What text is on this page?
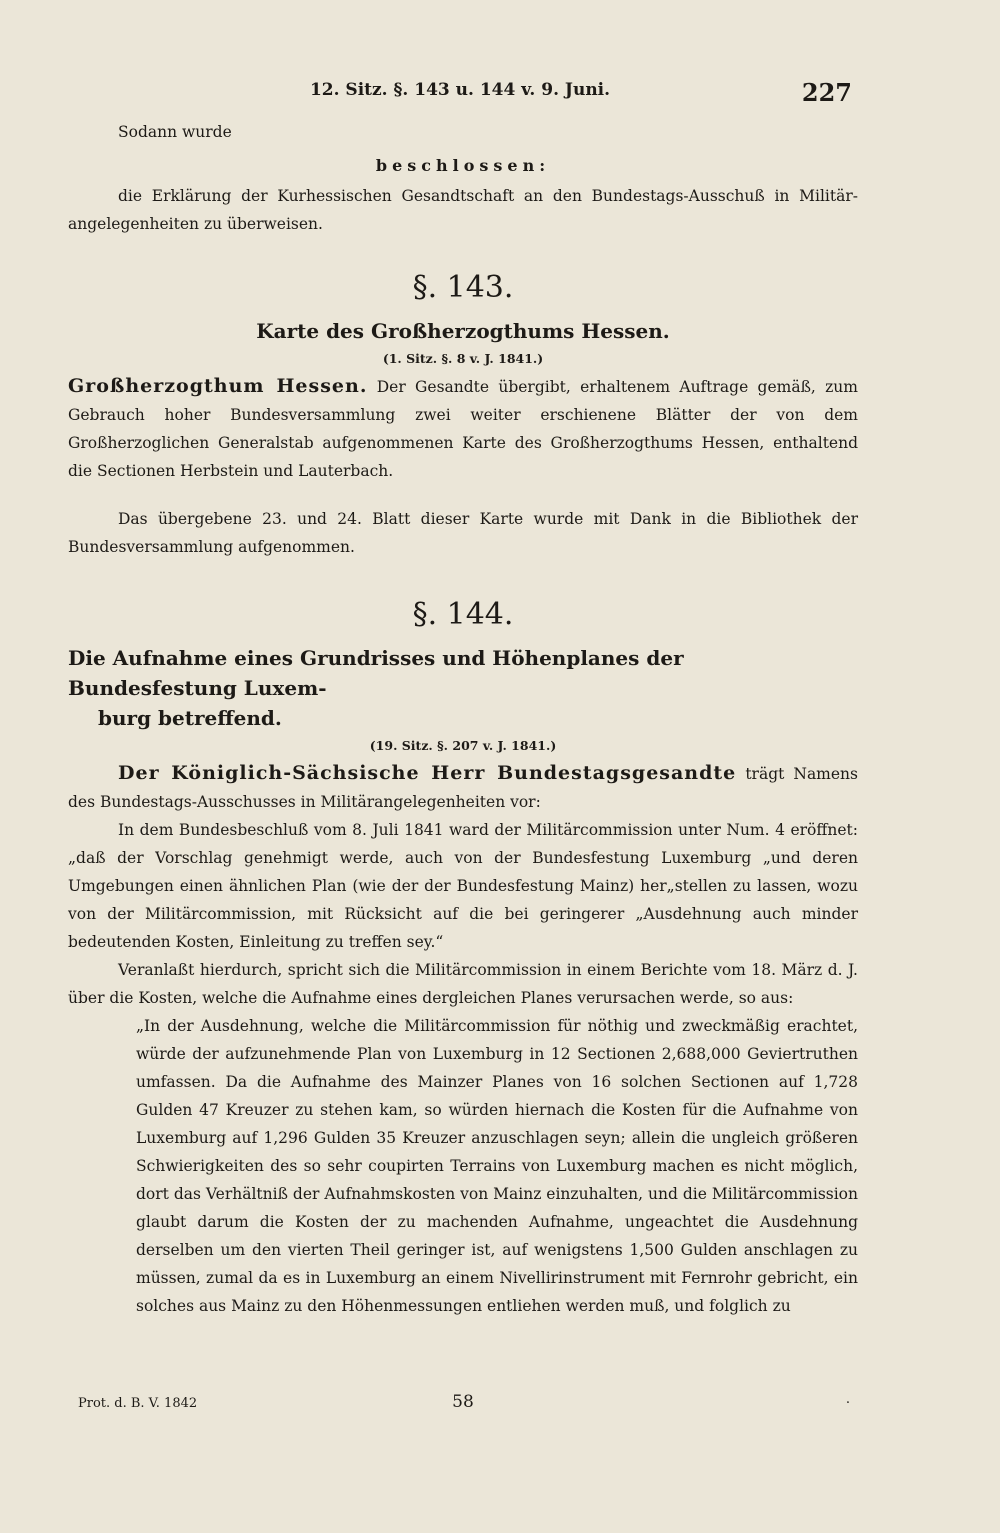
12. Sitz. §. 143 u. 144 v. 9. Juni.	227

Sodann wurde

beschlossen:

die Erklärung der Kurhessischen Gesandtschaft an den Bundestags-Ausschuß in Militär-angelegenheiten zu überweisen.

§. 143.
Karte des Großherzogthums Hessen.
(1. Sitz. §. 8 v. J. 1841.)

Großherzogthum Hessen. Der Gesandte übergibt, erhaltenem Auftrage gemäß, zum Gebrauch hoher Bundesversammlung zwei weiter erschienene Blätter der von dem Großherzoglichen Generalstab aufgenommenen Karte des Großherzogthums Hessen, enthaltend die Sectionen Herbstein und Lauterbach.

Das übergebene 23. und 24. Blatt dieser Karte wurde mit Dank in die Bibliothek der Bundesversammlung aufgenommen.

§. 144.
Die Aufnahme eines Grundrisses und Höhenplanes der Bundesfestung Luxem-
burg betreffend.
(19. Sitz. §. 207 v. J. 1841.)

Der Königlich-Sächsische Herr Bundestagsgesandte trägt Namens des Bundestags-Ausschusses in Militärangelegenheiten vor:

In dem Bundesbeschluß vom 8. Juli 1841 ward der Militärcommission unter Num. 4 eröffnet: „daß der Vorschlag genehmigt werde, auch von der Bundesfestung Luxemburg „und deren Umgebungen einen ähnlichen Plan (wie der der Bundesfestung Mainz) her„stellen zu lassen, wozu von der Militärcommission, mit Rücksicht auf die bei geringerer „Ausdehnung auch minder bedeutenden Kosten, Einleitung zu treffen sey.“

Veranlaßt hierdurch, spricht sich die Militärcommission in einem Berichte vom 18. März d. J. über die Kosten, welche die Aufnahme eines dergleichen Planes verursachen werde, so aus:

„In der Ausdehnung, welche die Militärcommission für nöthig und zweckmäßig erachtet, würde der aufzunehmende Plan von Luxemburg in 12 Sectionen 2,688,000 Geviertruthen umfassen. Da die Aufnahme des Mainzer Planes von 16 solchen Sectionen auf 1,728 Gulden 47 Kreuzer zu stehen kam, so würden hiernach die Kosten für die Aufnahme von Luxemburg auf 1,296 Gulden 35 Kreuzer anzuschlagen seyn; allein die ungleich größeren Schwierigkeiten des so sehr coupirten Terrains von Luxemburg machen es nicht möglich, dort das Verhältniß der Aufnahmskosten von Mainz einzuhalten, und die Militärcommission glaubt darum die Kosten der zu machenden Aufnahme, ungeachtet die Ausdehnung derselben um den vierten Theil geringer ist, auf wenigstens 1,500 Gulden anschlagen zu müssen, zumal da es in Luxemburg an einem Nivellirinstrument mit Fernrohr gebricht, ein solches aus Mainz zu den Höhenmessungen entliehen werden muß, und folglich zu

Prot. d. B. V. 1842	58	.
